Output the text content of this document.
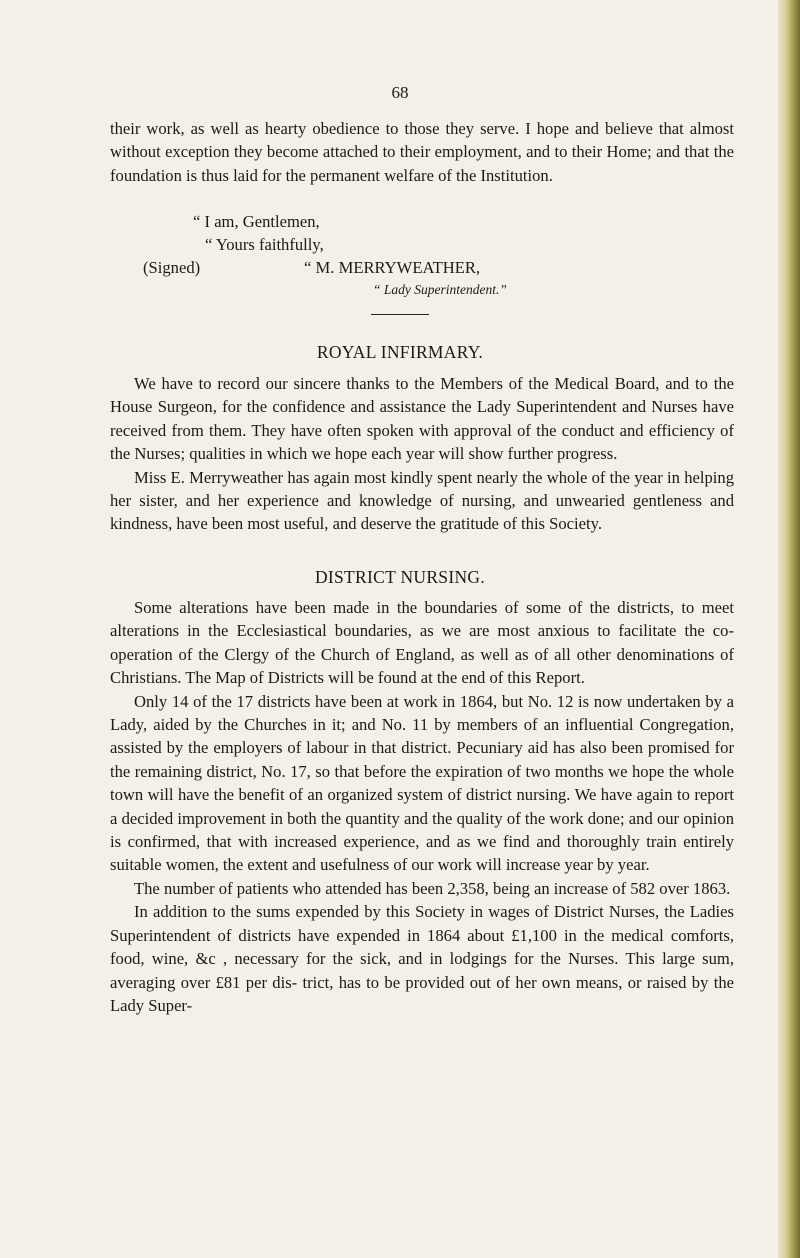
68

their work, as well as hearty obedience to those they serve. I hope and believe that almost without exception they become attached to their employment, and to their Home; and that the foundation is thus laid for the permanent welfare of the Institution.

“ I am, Gentlemen,
“ Yours faithfully,
(Signed)	“ M. MERRYWEATHER,
“ Lady Superintendent.”
ROYAL INFIRMARY.

We have to record our sincere thanks to the Members of the Medical Board, and to the House Surgeon, for the confidence and assistance the Lady Superintendent and Nurses have received from them. They have often spoken with approval of the conduct and efficiency of the Nurses; qualities in which we hope each year will show further progress.

Miss E. Merryweather has again most kindly spent nearly the whole of the year in helping her sister, and her experience and knowledge of nursing, and unwearied gentleness and kindness, have been most useful, and deserve the gratitude of this Society.

DISTRICT NURSING.

Some alterations have been made in the boundaries of some of the districts, to meet alterations in the Ecclesiastical boundaries, as we are most anxious to facilitate the co-operation of the Clergy of the Church of England, as well as of all other denominations of Christians. The Map of Districts will be found at the end of this Report.

Only 14 of the 17 districts have been at work in 1864, but No. 12 is now undertaken by a Lady, aided by the Churches in it; and No. 11 by members of an influential Congregation, assisted by the employers of labour in that district. Pecuniary aid has also been promised for the remaining district, No. 17, so that before the expiration of two months we hope the whole town will have the benefit of an organized system of district nursing. We have again to report a decided improvement in both the quantity and the quality of the work done; and our opinion is confirmed, that with increased experience, and as we find and thoroughly train entirely suitable women, the extent and usefulness of our work will increase year by year.

The number of patients who attended has been 2,358, being an increase of 582 over 1863.

In addition to the sums expended by this Society in wages of District Nurses, the Ladies Superintendent of districts have expended in 1864 about £1,100 in the medical comforts, food, wine, &c , necessary for the sick, and in lodgings for the Nurses. This large sum, averaging over £81 per dis- trict, has to be provided out of her own means, or raised by the Lady Super-
